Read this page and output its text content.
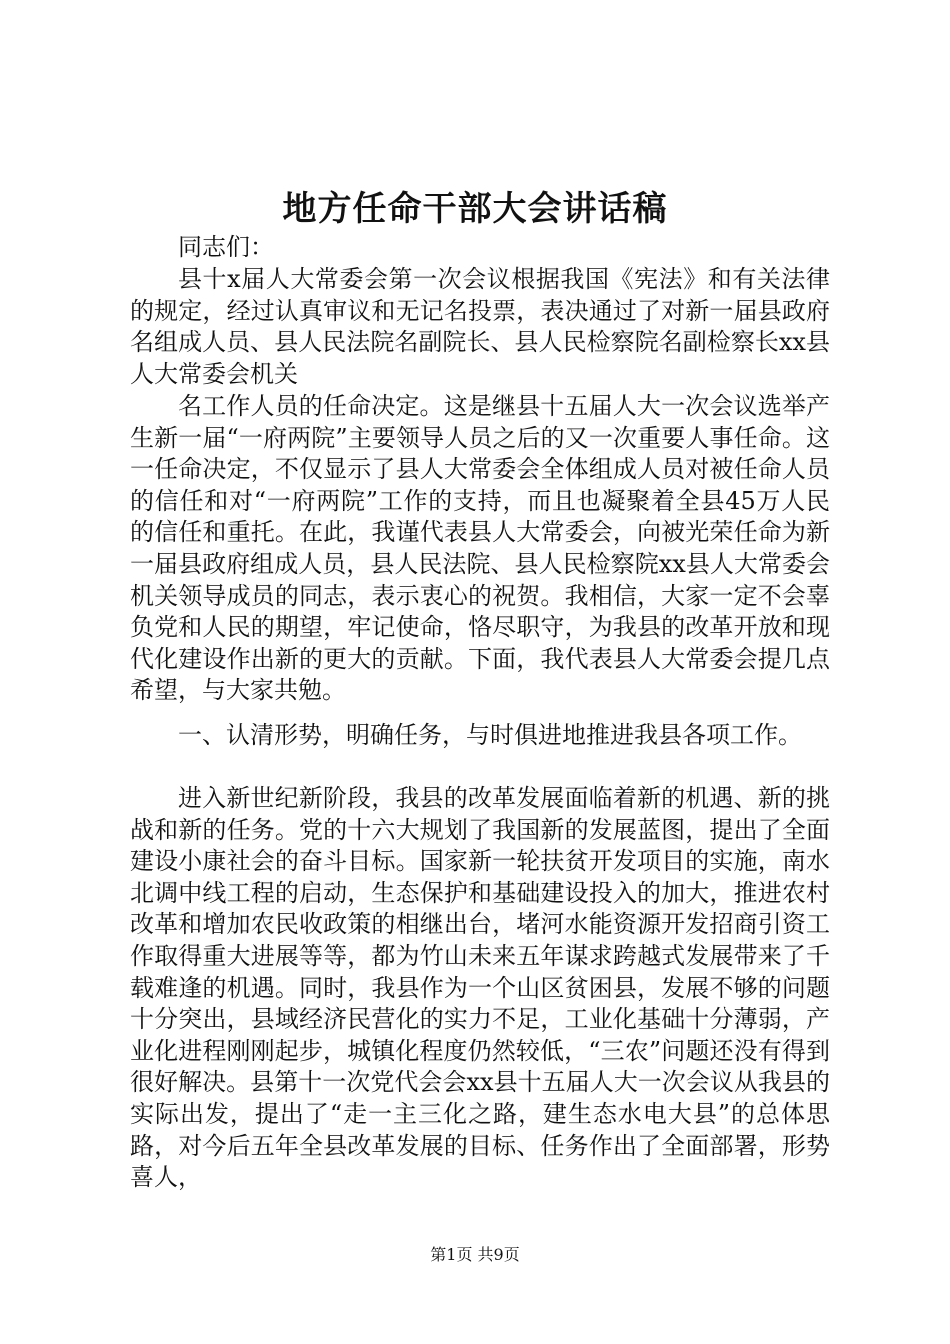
地方任命干部大会讲话稿
同志们：
县十x届人大常委会第一次会议根据我国《宪法》和有关法律的规定，经过认真审议和无记名投票，表决通过了对新一届县政府名组成人员、县人民法院名副院长、县人民检察院名副检察长xx县人大常委会机关
名工作人员的任命决定。这是继县十五届人大一次会议选举产生新一届“一府两院”主要领导人员之后的又一次重要人事任命。这一任命决定，不仅显示了县人大常委会全体组成人员对被任命人员的信任和对“一府两院”工作的支持，而且也凝聚着全县45万人民的信任和重托。在此，我谨代表县人大常委会，向被光荣任命为新一届县政府组成人员，县人民法院、县人民检察院xx县人大常委会机关领导成员的同志，表示衷心的祝贺。我相信，大家一定不会辜负党和人民的期望，牢记使命，恪尽职守，为我县的改革开放和现代化建设作出新的更大的贡献。下面，我代表县人大常委会提几点希望，与大家共勉。
一、认清形势，明确任务，与时俱进地推进我县各项工作。
进入新世纪新阶段，我县的改革发展面临着新的机遇、新的挑战和新的任务。党的十六大规划了我国新的发展蓝图，提出了全面建设小康社会的奋斗目标。国家新一轮扶贫开发项目的实施，南水北调中线工程的启动，生态保护和基础建设投入的加大，推进农村改革和增加农民收政策的相继出台，堵河水能资源开发招商引资工作取得重大进展等等，都为竹山未来五年谋求跨越式发展带来了千载难逢的机遇。同时，我县作为一个山区贫困县，发展不够的问题十分突出，县域经济民营化的实力不足，工业化基础十分薄弱，产业化进程刚刚起步，城镇化程度仍然较低，“三农”问题还没有得到很好解决。县第十一次党代会会xx县十五届人大一次会议从我县的实际出发，提出了“走一主三化之路，建生态水电大县”的总体思路，对今后五年全县改革发展的目标、任务作出了全面部署，形势喜人，
第1页 共9页
